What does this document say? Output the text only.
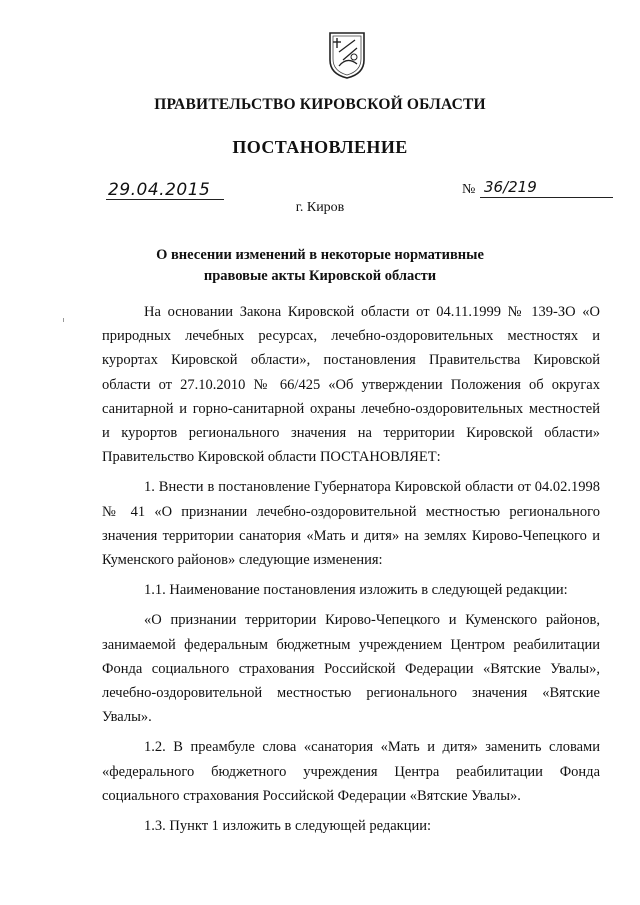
ПРАВИТЕЛЬСТВО КИРОВСКОЙ ОБЛАСТИ
ПОСТАНОВЛЕНИЕ
29.04.2015	№ 36/219
г. Киров
О внесении изменений в некоторые нормативные
правовые акты Кировской области

На основании Закона Кировской области от 04.11.1999 № 139-ЗО «О природных лечебных ресурсах, лечебно-оздоровительных местностях и курортах Кировской области», постановления Правительства Кировской области от 27.10.2010 № 66/425 «Об утверждении Положения об округах санитарной и горно-санитарной охраны лечебно-оздоровительных местностей и курортов регионального значения на территории Кировской области» Правительство Кировской области ПОСТАНОВЛЯЕТ:

1. Внести в постановление Губернатора Кировской области от 04.02.1998 № 41 «О признании лечебно-оздоровительной местностью регионального значения территории санатория «Мать и дитя» на землях Кирово-Чепецкого и Куменского районов» следующие изменения:

1.1. Наименование постановления изложить в следующей редакции:

«О признании территории Кирово-Чепецкого и Куменского районов, занимаемой федеральным бюджетным учреждением Центром реабилитации Фонда социального страхования Российской Федерации «Вятские Увалы», лечебно-оздоровительной местностью регионального значения «Вятские Увалы».

1.2. В преамбуле слова «санатория «Мать и дитя» заменить словами «федерального бюджетного учреждения Центра реабилитации Фонда социального страхования Российской Федерации «Вятские Увалы».

1.3. Пункт 1 изложить в следующей редакции:
